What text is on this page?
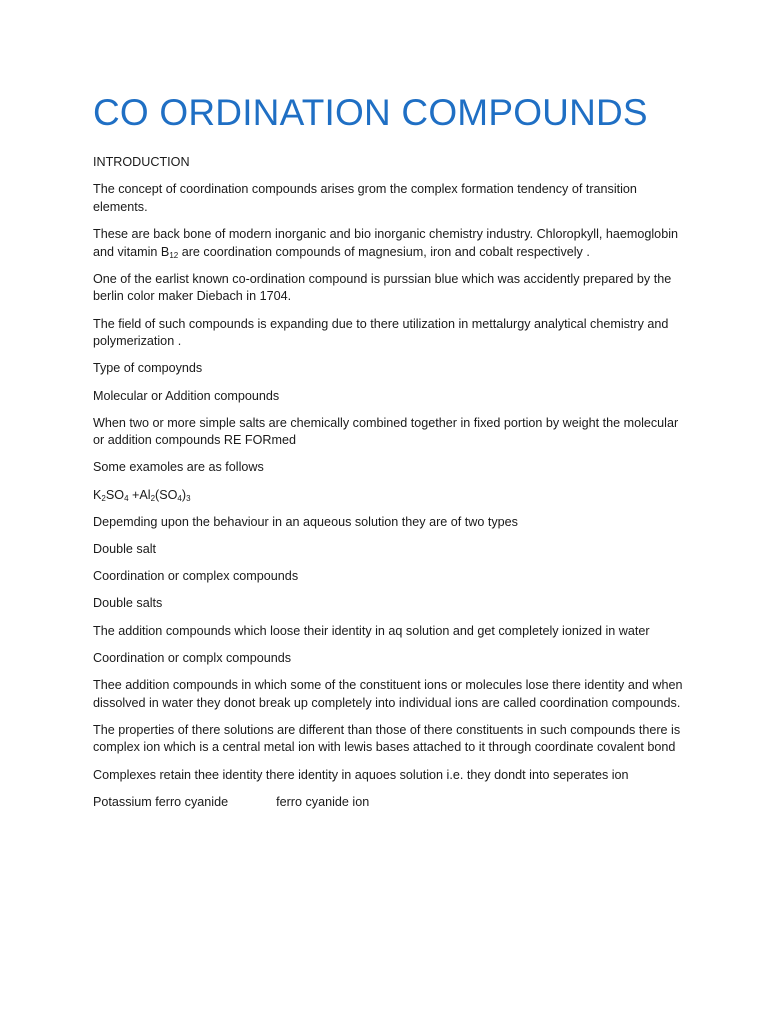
CO ORDINATION COMPOUNDS

INTRODUCTION

The concept of coordination compounds arises grom the complex formation tendency of transition elements.

These are back bone of modern inorganic and bio inorganic chemistry industry. Chloropkyll, haemoglobin and vitamin $B_{12}$ are coordination compounds of magnesium, iron and cobalt respectively .

One of the earlist known co-ordination compound is purssian blue which was accidently prepared by the berlin color maker Diebach in 1704.

The field of such compounds is expanding due to there utilization in mettalurgy analytical chemistry and polymerization .

Type of compoynds

Molecular or Addition compounds

When two or more simple salts are chemically combined together in fixed portion by weight the molecular or addition compounds RE FORmed

Some examoles are as follows

$K_2SO_4 +Al_2(SO_4)_3$

Depemding upon the behaviour in an aqueous solution they are of two types

Double salt

Coordination or complex compounds

Double salts

The addition compounds which loose their identity in aq solution and get completely ionized in water

Coordination or complx compounds

Thee addition compounds in which some of the constituent ions or molecules lose there identity and when dissolved in water they donot break up completely into individual ions are called coordination compounds.

The properties of there solutions are different than those of there constituents in such compounds there is complex ion which is a central metal ion with lewis bases attached to it through coordinate covalent bond

Complexes retain thee identity there identity in aquoes solution i.e. they dondt into seperates ion

Potassium ferro cyanide	ferro cyanide ion
